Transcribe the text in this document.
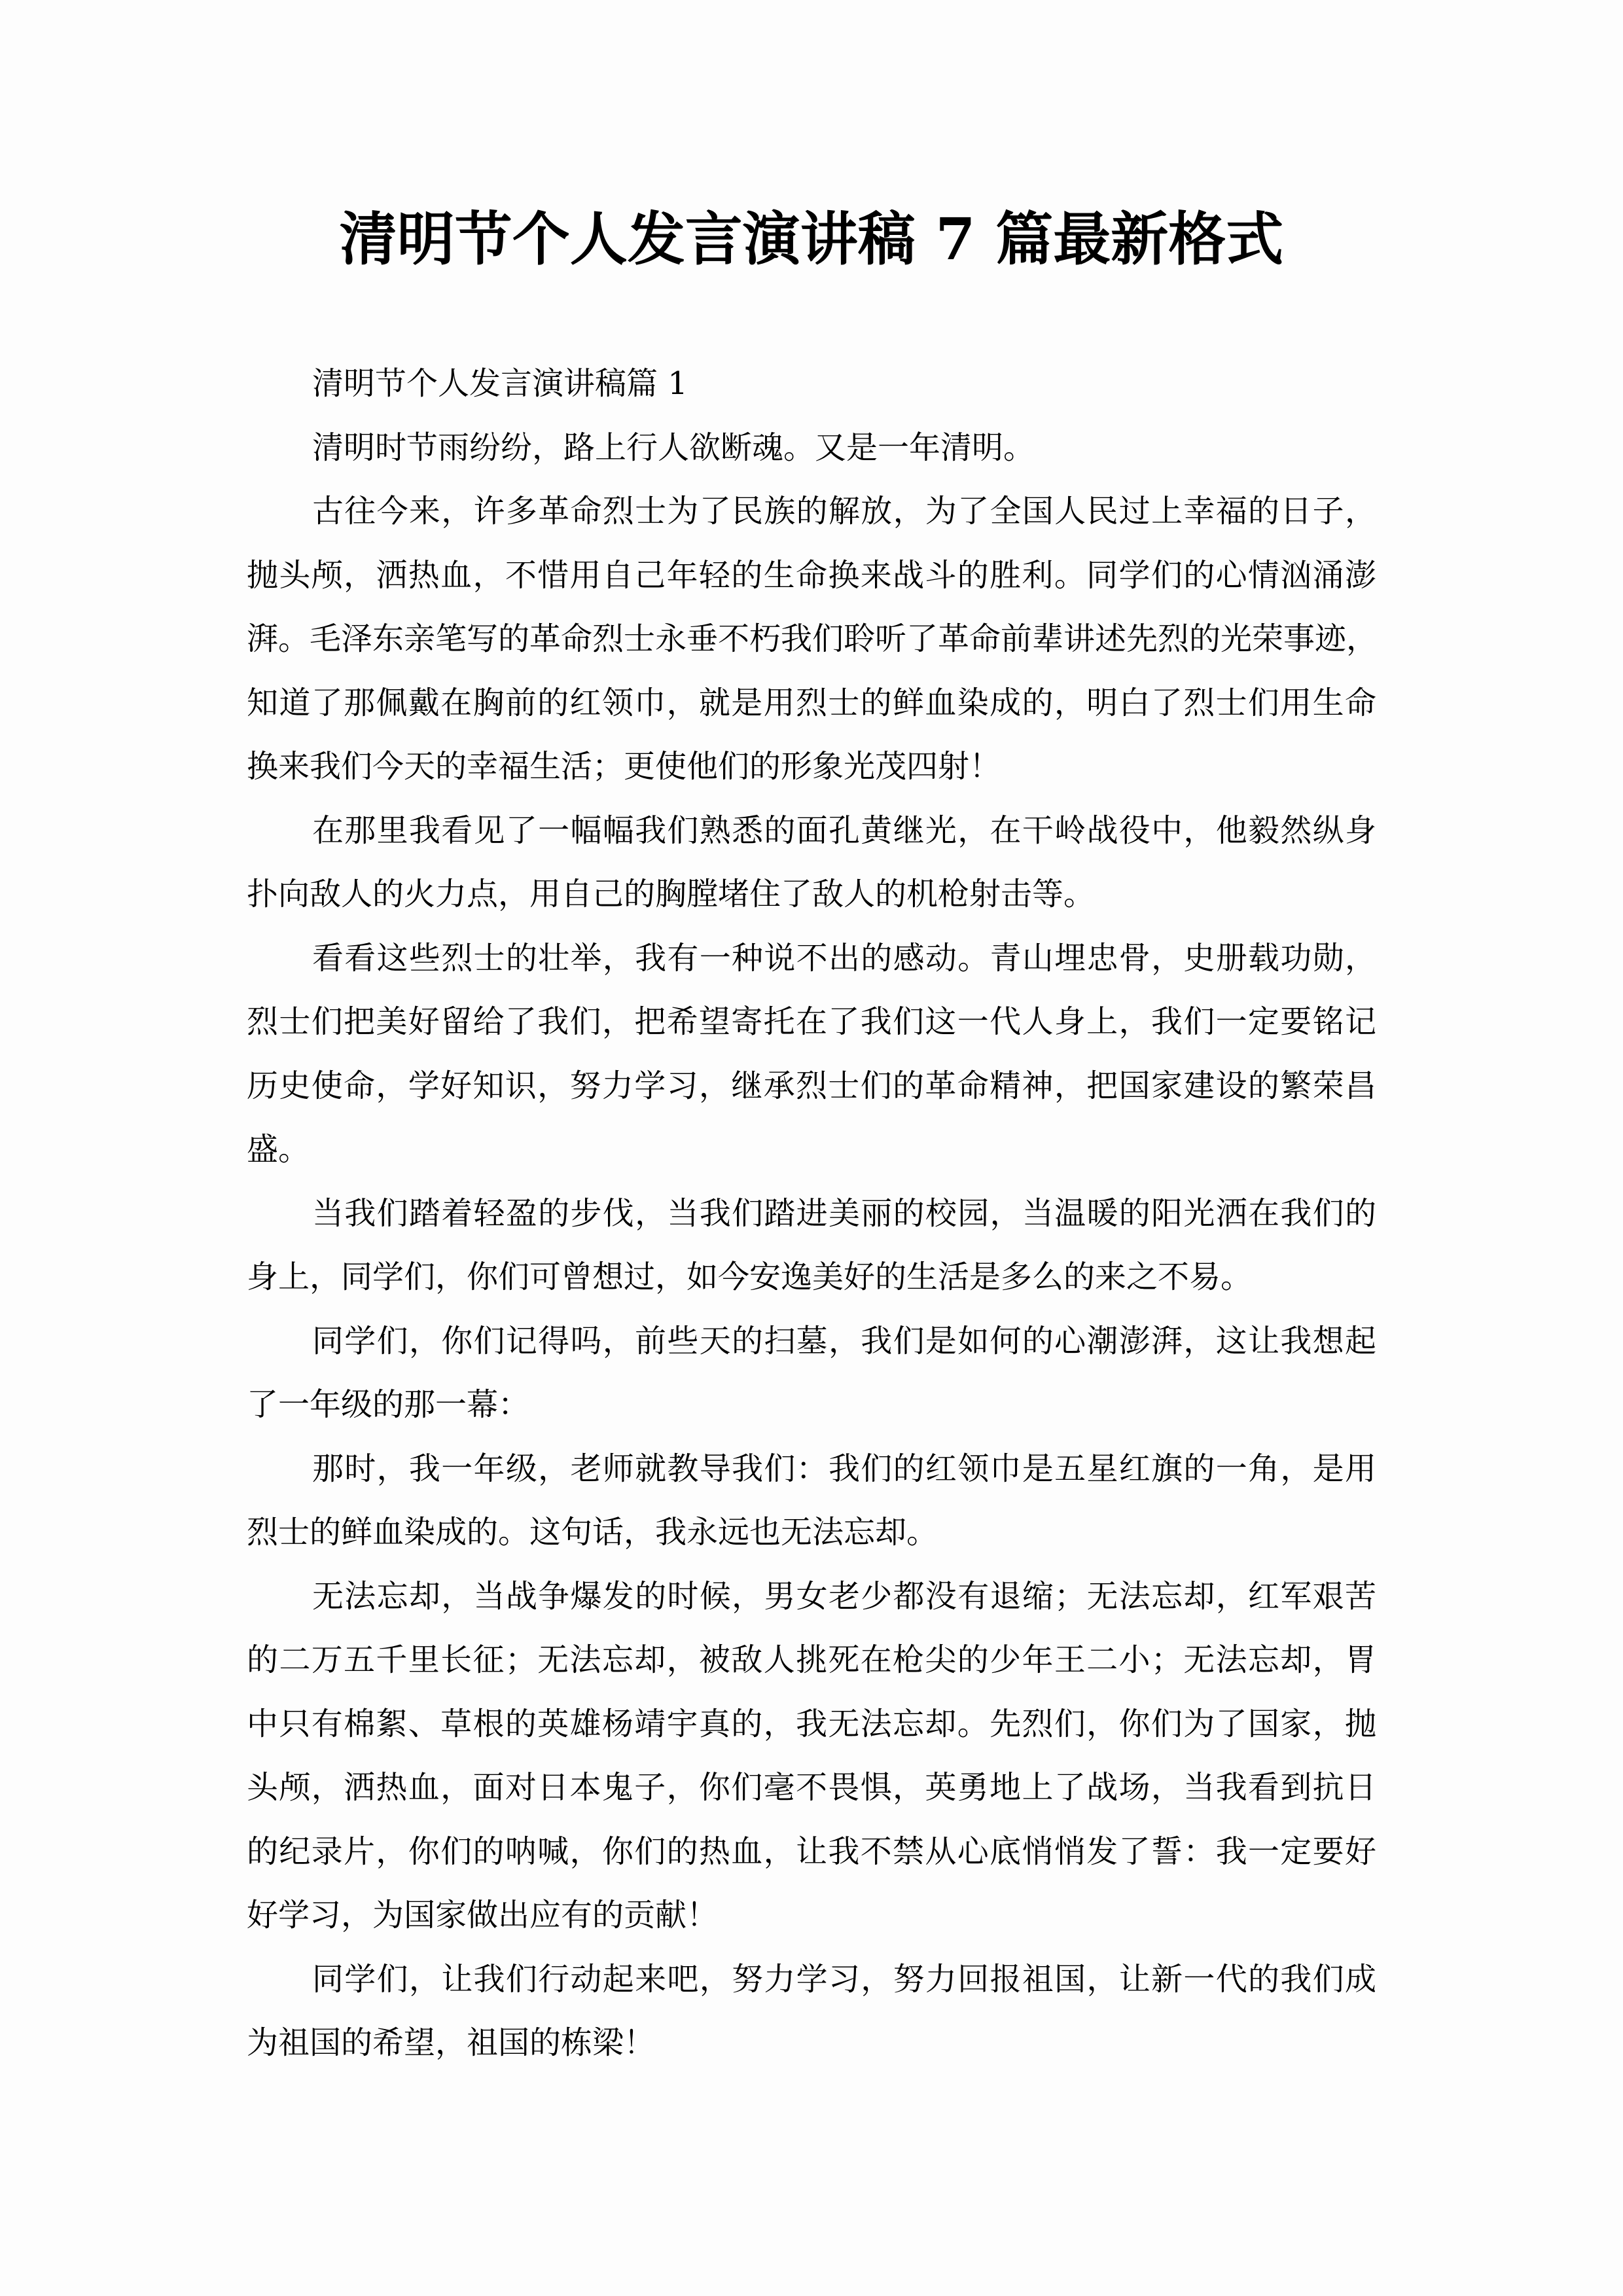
清明节个人发言演讲稿 7 篇最新格式
清明节个人发言演讲稿篇 1
清明时节雨纷纷，路上行人欲断魂。又是一年清明。
古往今来，许多革命烈士为了民族的解放，为了全国人民过上幸福的日子，
抛头颅，洒热血，不惜用自己年轻的生命换来战斗的胜利。同学们的心情汹涌澎
湃。毛泽东亲笔写的革命烈士永垂不朽我们聆听了革命前辈讲述先烈的光荣事迹，
知道了那佩戴在胸前的红领巾，就是用烈士的鲜血染成的，明白了烈士们用生命
换来我们今天的幸福生活；更使他们的形象光茂四射！
在那里我看见了一幅幅我们熟悉的面孔黄继光，在干岭战役中，他毅然纵身
扑向敌人的火力点，用自己的胸膛堵住了敌人的机枪射击等。
看看这些烈士的壮举，我有一种说不出的感动。青山埋忠骨，史册载功勋，
烈士们把美好留给了我们，把希望寄托在了我们这一代人身上，我们一定要铭记
历史使命，学好知识，努力学习，继承烈士们的革命精神，把国家建设的繁荣昌
盛。
当我们踏着轻盈的步伐，当我们踏进美丽的校园，当温暖的阳光洒在我们的
身上，同学们，你们可曾想过，如今安逸美好的生活是多么的来之不易。
同学们，你们记得吗，前些天的扫墓，我们是如何的心潮澎湃，这让我想起
了一年级的那一幕：
那时，我一年级，老师就教导我们：我们的红领巾是五星红旗的一角，是用
烈士的鲜血染成的。这句话，我永远也无法忘却。
无法忘却，当战争爆发的时候，男女老少都没有退缩；无法忘却，红军艰苦
的二万五千里长征；无法忘却，被敌人挑死在枪尖的少年王二小；无法忘却，胃
中只有棉絮、草根的英雄杨靖宇真的，我无法忘却。先烈们，你们为了国家，抛
头颅，洒热血，面对日本鬼子，你们毫不畏惧，英勇地上了战场，当我看到抗日
的纪录片，你们的呐喊，你们的热血，让我不禁从心底悄悄发了誓：我一定要好
好学习，为国家做出应有的贡献！
同学们，让我们行动起来吧，努力学习，努力回报祖国，让新一代的我们成
为祖国的希望，祖国的栋梁！
